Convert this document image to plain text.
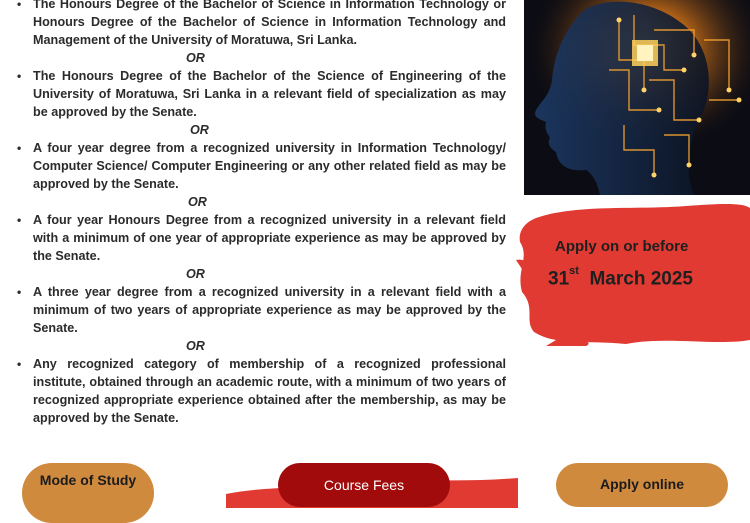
• The Honours Degree of the Bachelor of Science in Information Technology or Honours Degree of the Bachelor of Science in Information Technology and Management of the University of Moratuwa, Sri Lanka.
OR
• The Honours Degree of the Bachelor of the Science of Engineering of the University of Moratuwa, Sri Lanka in a relevant field of specialization as may be approved by the Senate.
OR
• A four year degree from a recognized university in Information Technology/ Computer Science/ Computer Engineering or any other related field as may be approved by the Senate.
OR
• A four year Honours Degree from a recognized university in a relevant field with a minimum of one year of appropriate experience as may be approved by the Senate.
OR
• A three year degree from a recognized university in a relevant field with a minimum of two years of appropriate experience as may be approved by the Senate.
OR
• Any recognized category of membership of a recognized professional institute, obtained through an academic route, with a minimum of two years of recognized appropriate experience obtained after the membership, as may be approved by the Senate.
Apply on or before
31st March 2025
Mode of Study	Course Fees	Apply online
